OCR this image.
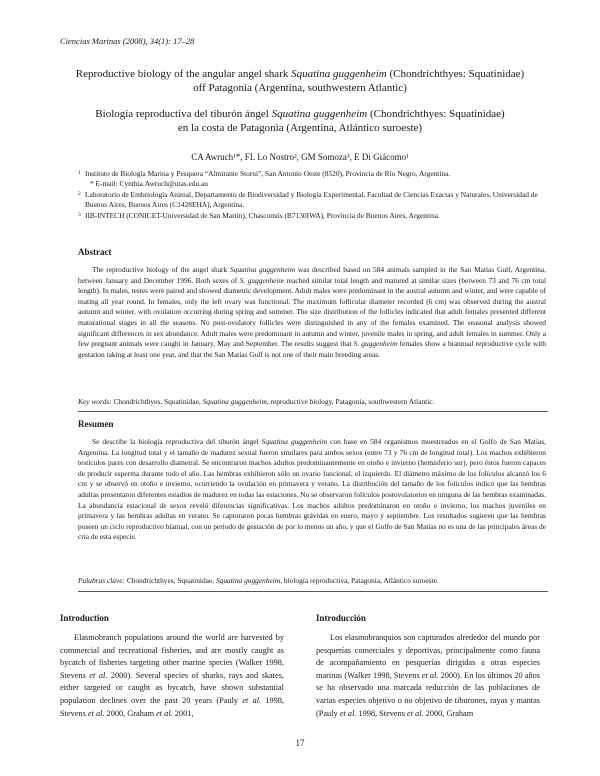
Ciencias Marinas (2008), 34(1): 17–28
Reproductive biology of the angular angel shark Squatina guggenheim (Chondrichthyes: Squatinidae)
off Patagonia (Argentina, southwestern Atlantic)
Biología reproductiva del tiburón ángel Squatina guggenheim (Chondrichthyes: Squatinidae)
en la costa de Patagonia (Argentina, Atlántico suroeste)
CA Awruch¹*, FL Lo Nostro², GM Somoza³, E Di Giácomo¹
1 Instituto de Biología Marina y Pesquera “Almirante Storni”, San Antonio Oeste (8520), Provincia de Río Negro, Argentina.
* E-mail: Cynthia.Awruch@utas.edu.au
2 Laboratorio de Embriología Animal, Departamento de Biodiversidad y Biología Experimental, Facultad de Ciencias Exactas y Naturales, Universidad de Buenos Aires, Buenos Aires (C1428EHA), Argentina.
3 IIB-INTECH (CONICET-Universidad de San Martín), Chascomús (B7130IWA), Provincia de Buenos Aires, Argentina.
Abstract
The reproductive biology of the angel shark Squatina guggenheim was described based on 584 animals sampled in the San Matías Gulf, Argentina, between January and December 1996. Both sexes of S. guggenheim reached similar total length and matured at similar sizes (between 73 and 76 cm total length). In males, testes were paired and showed diametric development. Adult males were predominant in the austral autumn and winter, and were capable of mating all year round. In females, only the left ovary was functional. The maximum follicular diameter recorded (6 cm) was observed during the austral autumn and winter, with ovulation occurring during spring and summer. The size distribution of the follicles indicated that adult females presented different maturational stages in all the seasons. No post-ovulatory follicles were distinguished in any of the females examined. The seasonal analysis showed significant differences in sex abundance. Adult males were predominant in autumn and winter, juvenile males in spring, and adult females in summer. Only a few pregnant animals were caught in January, May and September. The results suggest that S. guggenheim females show a biannual reproductive cycle with gestation taking at least one year, and that the San Matías Gulf is not one of their main breeding areas.
Key words: Chondrichthyes, Squatinidae, Squatina guggenheim, reproductive biology, Patagonia, southwestern Atlantic.
Resumen
Se describe la biología reproductiva del tiburón ángel Squatina guggenheim con base en 584 organismos muestreados en el Golfo de San Matías, Argentina. La longitud total y el tamaño de madurez sexual fueron similares para ambos sexos (entre 73 y 76 cm de longitud total). Los machos exhibieron testículos pares con desarrollo diametral. Se encontraron machos adultos predominantemente en otoño e invierno (hemisferio sur), pero éstos fueron capaces de producir esperma durante todo el año. Las hembras exhibieron sólo un ovario funcional, el izquierdo. El diámetro máximo de los folículos alcanzó los 6 cm y se observó en otoño e invierno, ocurriendo la ovulación en primavera y verano. La distribución del tamaño de los folículos indicó que las hembras adultas presentaron diferentes estadios de madurez en todas las estaciones. No se observaron folículos postovulatorios en ninguna de las hembras examinadas. La abundancia estacional de sexos reveló diferencias significativas. Los machos adultos predominaron en otoño e invierno, los machos juveniles en primavera y las hembras adultas en verano. Se capturaron pocas hembras grávidas en enero, mayo y septiembre. Los resultados sugieren que las hembras poseen un ciclo reproductivo bianual, con un periodo de gestación de por lo menos un año, y que el Golfo de San Matías no es una de las principales áreas de cría de esta especie.
Palabras clave: Chondrichthyes, Squatinidae, Squatina guggenheim, biología reproductiva, Patagonia, Atlántico suroeste.
Introduction
Elasmobranch populations around the world are harvested by commercial and recreational fisheries, and are mostly caught as bycatch of fisheries targeting other marine species (Walker 1998, Stevens et al. 2000). Several species of sharks, rays and skates, either targeted or caught as bycatch, have shown substantial population declines over the past 20 years (Pauly et al. 1998, Stevens et al. 2000, Graham et al. 2001,
Introducción
Los elasmobranquios son capturados alrededor del mundo por pesquerías comerciales y deportivas, principalmente como fauna de acompañamiento en pesquerías dirigidas a otras especies marinas (Walker 1998, Stevens et al. 2000). En los últimos 20 años se ha observado una marcada reducción de las poblaciones de varias especies objetivo o no objetivo de tiburones, rayas y mantas (Pauly et al. 1998, Stevens et al. 2000, Graham
17
